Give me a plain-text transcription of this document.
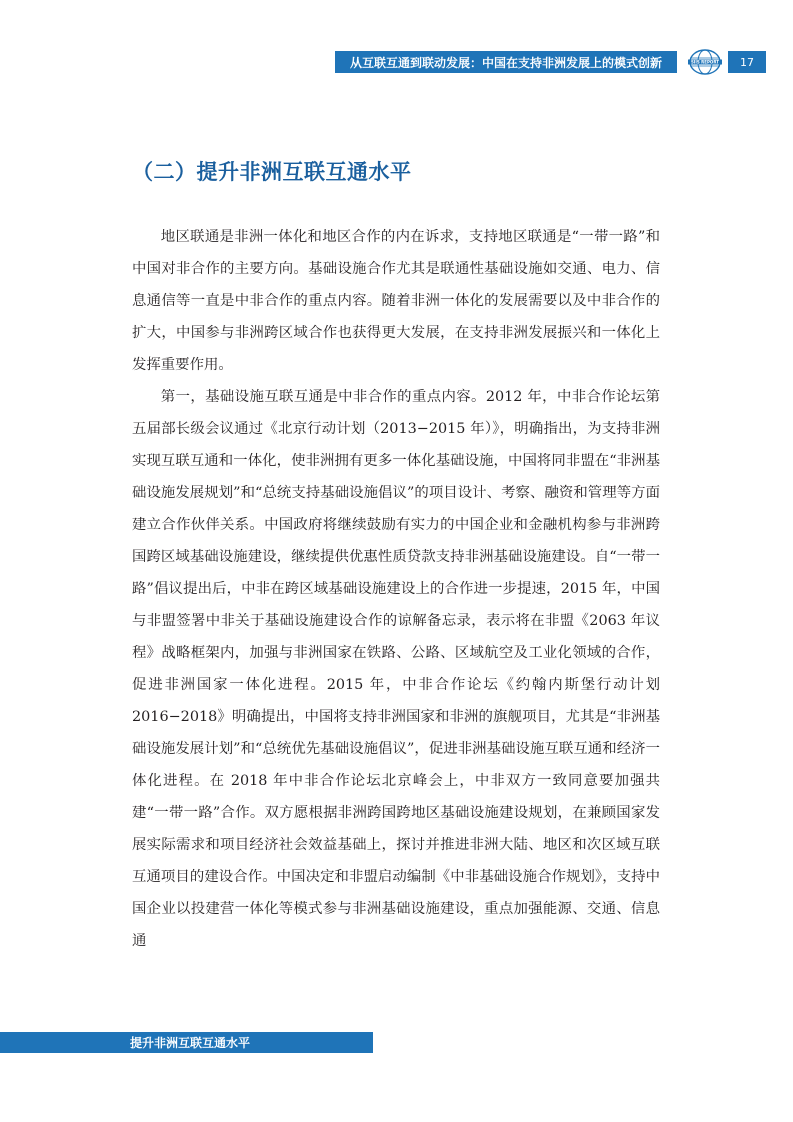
从互联互通到联动发展：中国在支持非洲发展上的模式创新	SIIS REPORT 17
（二）提升非洲互联互通水平

地区联通是非洲一体化和地区合作的内在诉求，支持地区联通是“一带一路”和中国对非合作的主要方向。基础设施合作尤其是联通性基础设施如交通、电力、信息通信等一直是中非合作的重点内容。随着非洲一体化的发展需要以及中非合作的扩大，中国参与非洲跨区域合作也获得更大发展，在支持非洲发展振兴和一体化上发挥重要作用。

第一，基础设施互联互通是中非合作的重点内容。2012 年，中非合作论坛第五届部长级会议通过《北京行动计划（2013−2015 年）》，明确指出，为支持非洲实现互联互通和一体化，使非洲拥有更多一体化基础设施，中国将同非盟在“非洲基础设施发展规划”和“总统支持基础设施倡议”的项目设计、考察、融资和管理等方面建立合作伙伴关系。中国政府将继续鼓励有实力的中国企业和金融机构参与非洲跨国跨区域基础设施建设，继续提供优惠性质贷款支持非洲基础设施建设。自“一带一路”倡议提出后，中非在跨区域基础设施建设上的合作进一步提速，2015 年，中国与非盟签署中非关于基础设施建设合作的谅解备忘录，表示将在非盟《2063 年议程》战略框架内，加强与非洲国家在铁路、公路、区域航空及工业化领域的合作，促进非洲国家一体化进程。2015 年，中非合作论坛《约翰内斯堡行动计划 2016−2018》明确提出，中国将支持非洲国家和非洲的旗舰项目，尤其是“非洲基础设施发展计划”和“总统优先基础设施倡议”，促进非洲基础设施互联互通和经济一体化进程。在 2018 年中非合作论坛北京峰会上，中非双方一致同意要加强共建“一带一路”合作。双方愿根据非洲跨国跨地区基础设施建设规划，在兼顾国家发展实际需求和项目经济社会效益基础上，探讨并推进非洲大陆、地区和次区域互联互通项目的建设合作。中国决定和非盟启动编制《中非基础设施合作规划》，支持中国企业以投建营一体化等模式参与非洲基础设施建设，重点加强能源、交通、信息通

提升非洲互联互通水平
